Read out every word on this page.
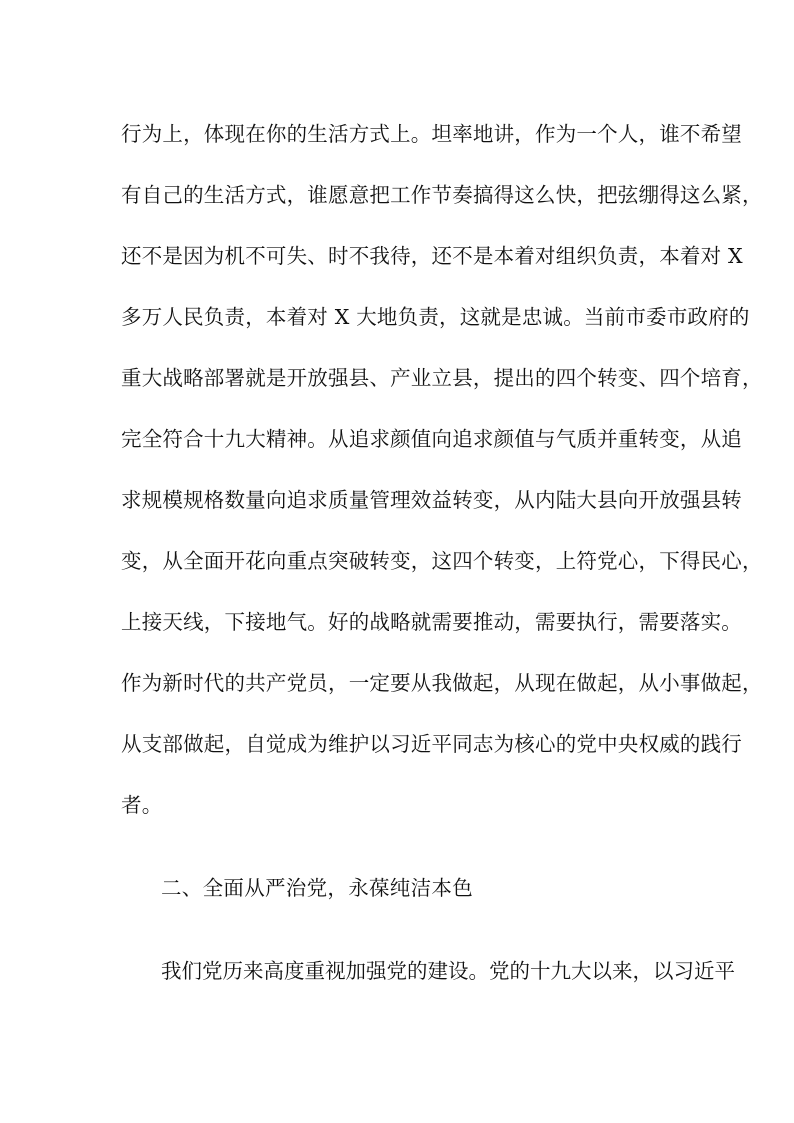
行为上，体现在你的生活方式上。坦率地讲，作为一个人，谁不希望
有自己的生活方式，谁愿意把工作节奏搞得这么快，把弦绷得这么紧，
还不是因为机不可失、时不我待，还不是本着对组织负责，本着对 X
多万人民负责，本着对 X 大地负责，这就是忠诚。当前市委市政府的
重大战略部署就是开放强县、产业立县，提出的四个转变、四个培育，
完全符合十九大精神。从追求颜值向追求颜值与气质并重转变，从追
求规模规格数量向追求质量管理效益转变，从内陆大县向开放强县转
变，从全面开花向重点突破转变，这四个转变，上符党心，下得民心，
上接天线，下接地气。好的战略就需要推动，需要执行，需要落实。
作为新时代的共产党员，一定要从我做起，从现在做起，从小事做起，
从支部做起，自觉成为维护以习近平同志为核心的党中央权威的践行
者。
二、全面从严治党，永葆纯洁本色
我们党历来高度重视加强党的建设。党的十九大以来，以习近平
